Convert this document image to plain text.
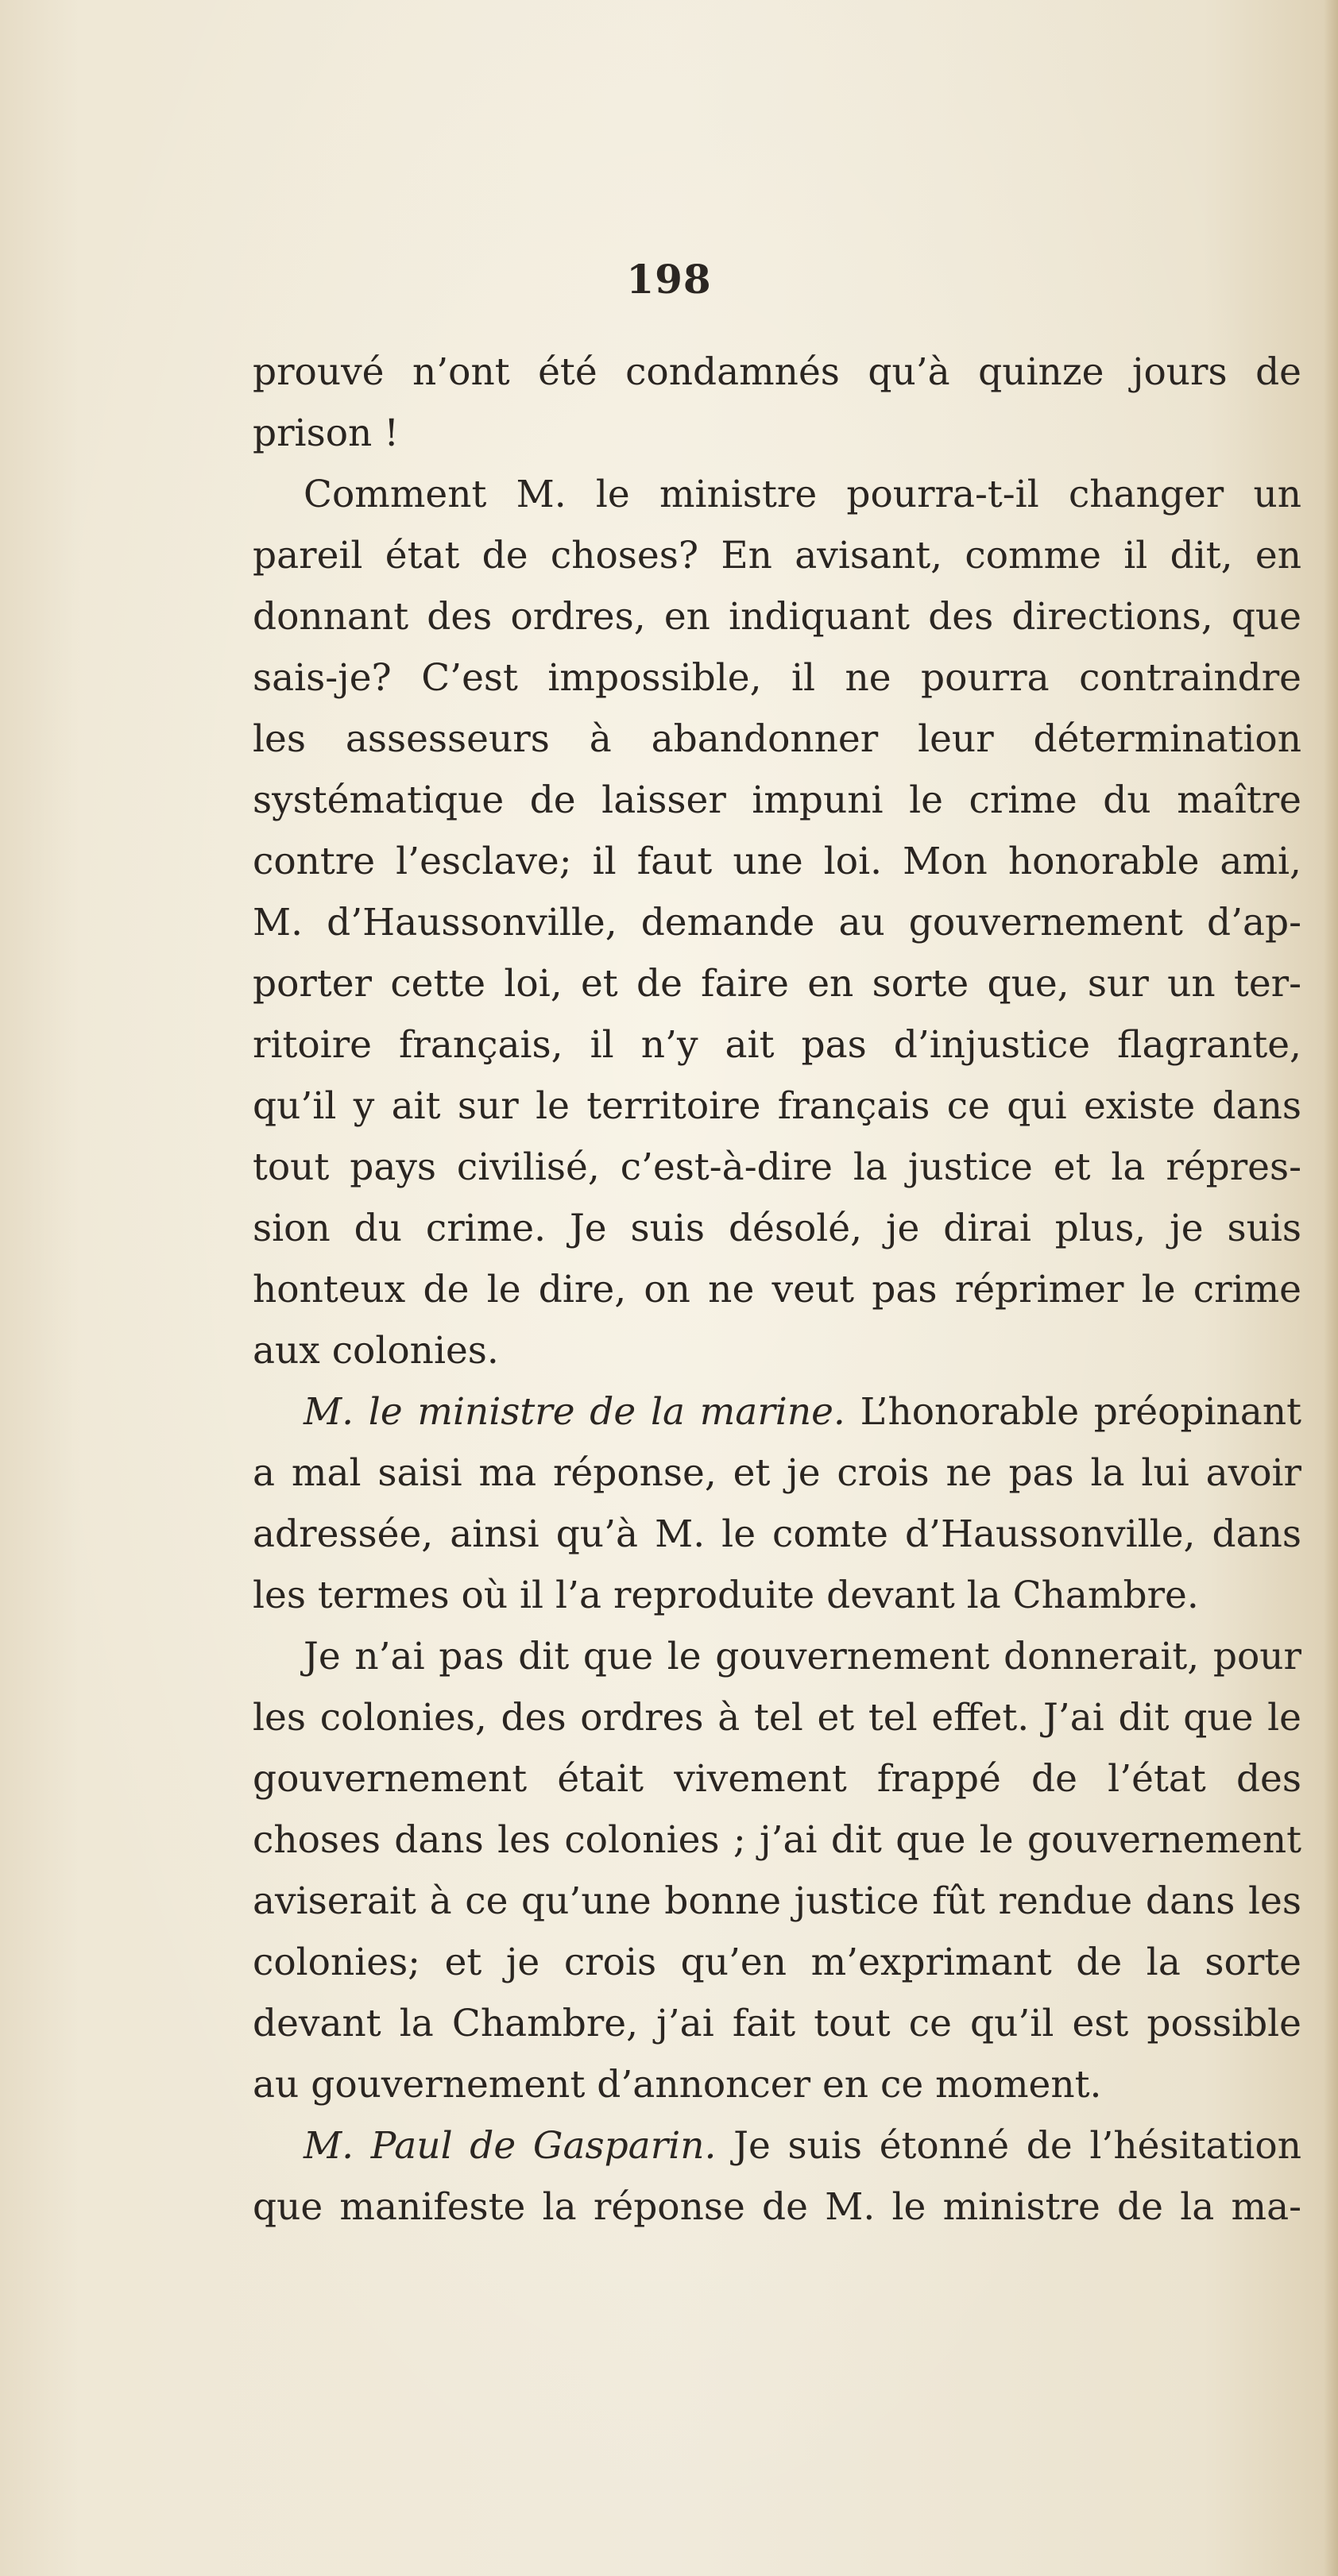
198
prouvé n’ont été condamnés qu’à quinze jours de
prison !
Comment M. le ministre pourra-t-il changer un
pareil état de choses? En avisant, comme il dit, en
donnant des ordres, en indiquant des directions, que
sais-je? C’est impossible, il ne pourra contraindre
les assesseurs à abandonner leur détermination
systématique de laisser impuni le crime du maître
contre l’esclave; il faut une loi. Mon honorable ami,
M. d’Haussonville, demande au gouvernement d’ap-
porter cette loi, et de faire en sorte que, sur un ter-
ritoire français, il n’y ait pas d’injustice flagrante,
qu’il y ait sur le territoire français ce qui existe dans
tout pays civilisé, c’est-à-dire la justice et la répres-
sion du crime. Je suis désolé, je dirai plus, je suis
honteux de le dire, on ne veut pas réprimer le crime
aux colonies.
M. le ministre de la marine. L’honorable préopinant
a mal saisi ma réponse, et je crois ne pas la lui avoir
adressée, ainsi qu’à M. le comte d’Haussonville, dans
les termes où il l’a reproduite devant la Chambre.
Je n’ai pas dit que le gouvernement donnerait, pour
les colonies, des ordres à tel et tel effet. J’ai dit que le
gouvernement était vivement frappé de l’état des
choses dans les colonies ; j’ai dit que le gouvernement
aviserait à ce qu’une bonne justice fût rendue dans les
colonies; et je crois qu’en m’exprimant de la sorte
devant la Chambre, j’ai fait tout ce qu’il est possible
au gouvernement d’annoncer en ce moment.
M. Paul de Gasparin. Je suis étonné de l’hésitation
que manifeste la réponse de M. le ministre de la ma-
